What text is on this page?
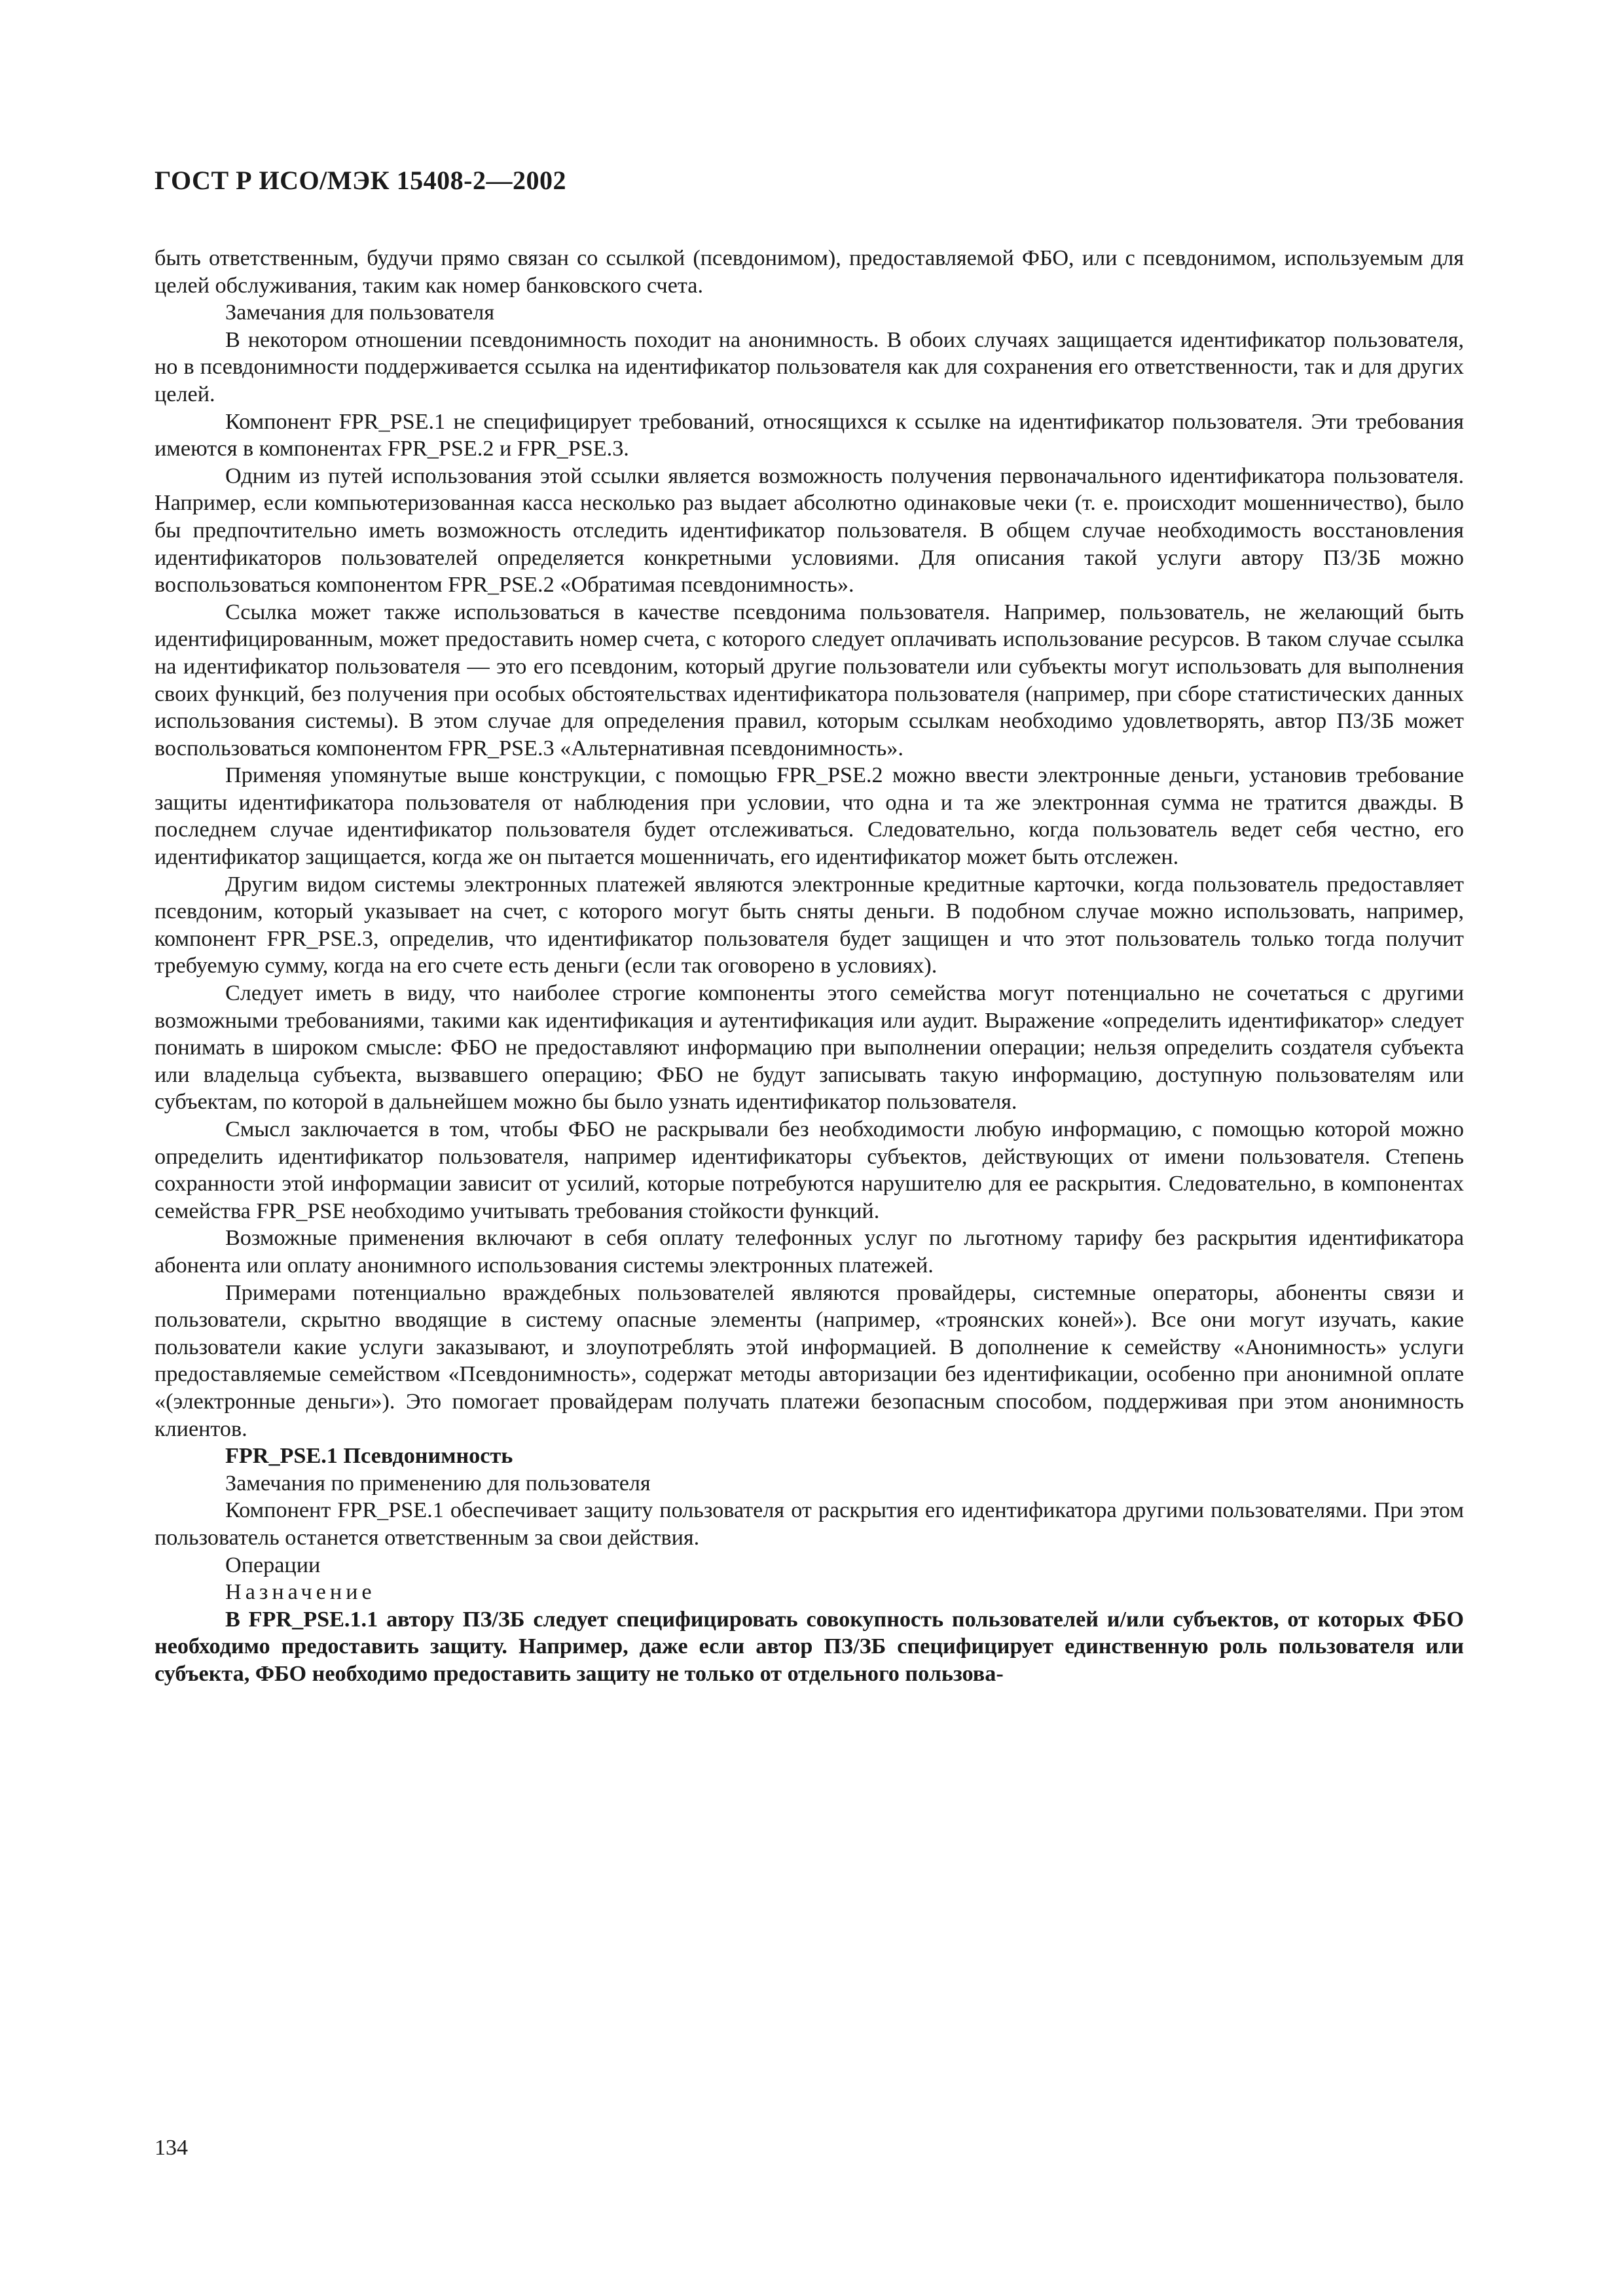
ГОСТ Р ИСО/МЭК 15408-2—2002

быть ответственным, будучи прямо связан со ссылкой (псевдонимом), предоставляемой ФБО, или с псевдонимом, используемым для целей обслуживания, таким как номер банковского счета.

Замечания для пользователя

В некотором отношении псевдонимность походит на анонимность. В обоих случаях защищается идентификатор пользователя, но в псевдонимности поддерживается ссылка на идентификатор пользователя как для сохранения его ответственности, так и для других целей.

Компонент FPR_PSE.1 не специфицирует требований, относящихся к ссылке на идентификатор пользователя. Эти требования имеются в компонентах FPR_PSE.2 и FPR_PSE.3.

Одним из путей использования этой ссылки является возможность получения первоначального идентификатора пользователя. Например, если компьютеризованная касса несколько раз выдает абсолютно одинаковые чеки (т. е. происходит мошенничество), было бы предпочтительно иметь возможность отследить идентификатор пользователя. В общем случае необходимость восстановления идентификаторов пользователей определяется конкретными условиями. Для описания такой услуги автору ПЗ/ЗБ можно воспользоваться компонентом FPR_PSE.2 «Обратимая псевдонимность».

Ссылка может также использоваться в качестве псевдонима пользователя. Например, пользователь, не желающий быть идентифицированным, может предоставить номер счета, с которого следует оплачивать использование ресурсов. В таком случае ссылка на идентификатор пользователя — это его псевдоним, который другие пользователи или субъекты могут использовать для выполнения своих функций, без получения при особых обстоятельствах идентификатора пользователя (например, при сборе статистических данных использования системы). В этом случае для определения правил, которым ссылкам необходимо удовлетворять, автор ПЗ/ЗБ может воспользоваться компонентом FPR_PSE.3 «Альтернативная псевдонимность».

Применяя упомянутые выше конструкции, с помощью FPR_PSE.2 можно ввести электронные деньги, установив требование защиты идентификатора пользователя от наблюдения при условии, что одна и та же электронная сумма не тратится дважды. В последнем случае идентификатор пользователя будет отслеживаться. Следовательно, когда пользователь ведет себя честно, его идентификатор защищается, когда же он пытается мошенничать, его идентификатор может быть отслежен.

Другим видом системы электронных платежей являются электронные кредитные карточки, когда пользователь предоставляет псевдоним, который указывает на счет, с которого могут быть сняты деньги. В подобном случае можно использовать, например, компонент FPR_PSE.3, определив, что идентификатор пользователя будет защищен и что этот пользователь только тогда получит требуемую сумму, когда на его счете есть деньги (если так оговорено в условиях).

Следует иметь в виду, что наиболее строгие компоненты этого семейства могут потенциально не сочетаться с другими возможными требованиями, такими как идентификация и аутентификация или аудит. Выражение «определить идентификатор» следует понимать в широком смысле: ФБО не предоставляют информацию при выполнении операции; нельзя определить создателя субъекта или владельца субъекта, вызвавшего операцию; ФБО не будут записывать такую информацию, доступную пользователям или субъектам, по которой в дальнейшем можно бы было узнать идентификатор пользователя.

Смысл заключается в том, чтобы ФБО не раскрывали без необходимости любую информацию, с помощью которой можно определить идентификатор пользователя, например идентификаторы субъектов, действующих от имени пользователя. Степень сохранности этой информации зависит от усилий, которые потребуются нарушителю для ее раскрытия. Следовательно, в компонентах семейства FPR_PSE необходимо учитывать требования стойкости функций.

Возможные применения включают в себя оплату телефонных услуг по льготному тарифу без раскрытия идентификатора абонента или оплату анонимного использования системы электронных платежей.

Примерами потенциально враждебных пользователей являются провайдеры, системные операторы, абоненты связи и пользователи, скрытно вводящие в систему опасные элементы (например, «троянских коней»). Все они могут изучать, какие пользователи какие услуги заказывают, и злоупотреблять этой информацией. В дополнение к семейству «Анонимность» услуги предоставляемые семейством «Псевдонимность», содержат методы авторизации без идентификации, особенно при анонимной оплате «(электронные деньги»). Это помогает провайдерам получать платежи безопасным способом, поддерживая при этом анонимность клиентов.

FPR_PSE.1 Псевдонимность

Замечания по применению для пользователя

Компонент FPR_PSE.1 обеспечивает защиту пользователя от раскрытия его идентификатора другими пользователями. При этом пользователь останется ответственным за свои действия.

Операции

Назначение

В FPR_PSE.1.1 автору ПЗ/ЗБ следует специфицировать совокупность пользователей и/или субъектов, от которых ФБО необходимо предоставить защиту. Например, даже если автор ПЗ/ЗБ специфицирует единственную роль пользователя или субъекта, ФБО необходимо предоставить защиту не только от отдельного пользова-

134
